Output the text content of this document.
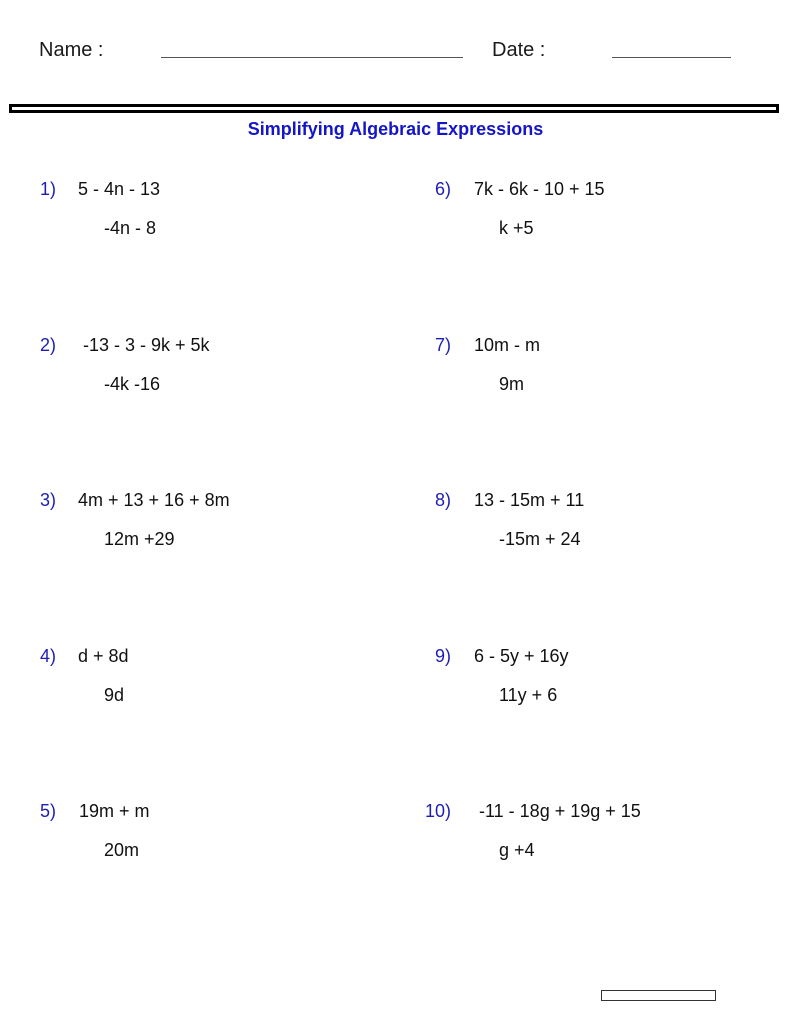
Name :	Date :
Simplifying Algebraic Expressions
1) 5 - 4n - 13
-4n - 8
2) -13 - 3 - 9k + 5k
-4k -16
3) 4m + 13 + 16 + 8m
12m +29
4) d + 8d
9d
5) 19m + m
20m
6) 7k - 6k - 10 + 15
k +5
7) 10m - m
9m
8) 13 - 15m + 11
-15m + 24
9) 6 - 5y + 16y
11y + 6
10) -11 - 18g + 19g + 15
g +4
